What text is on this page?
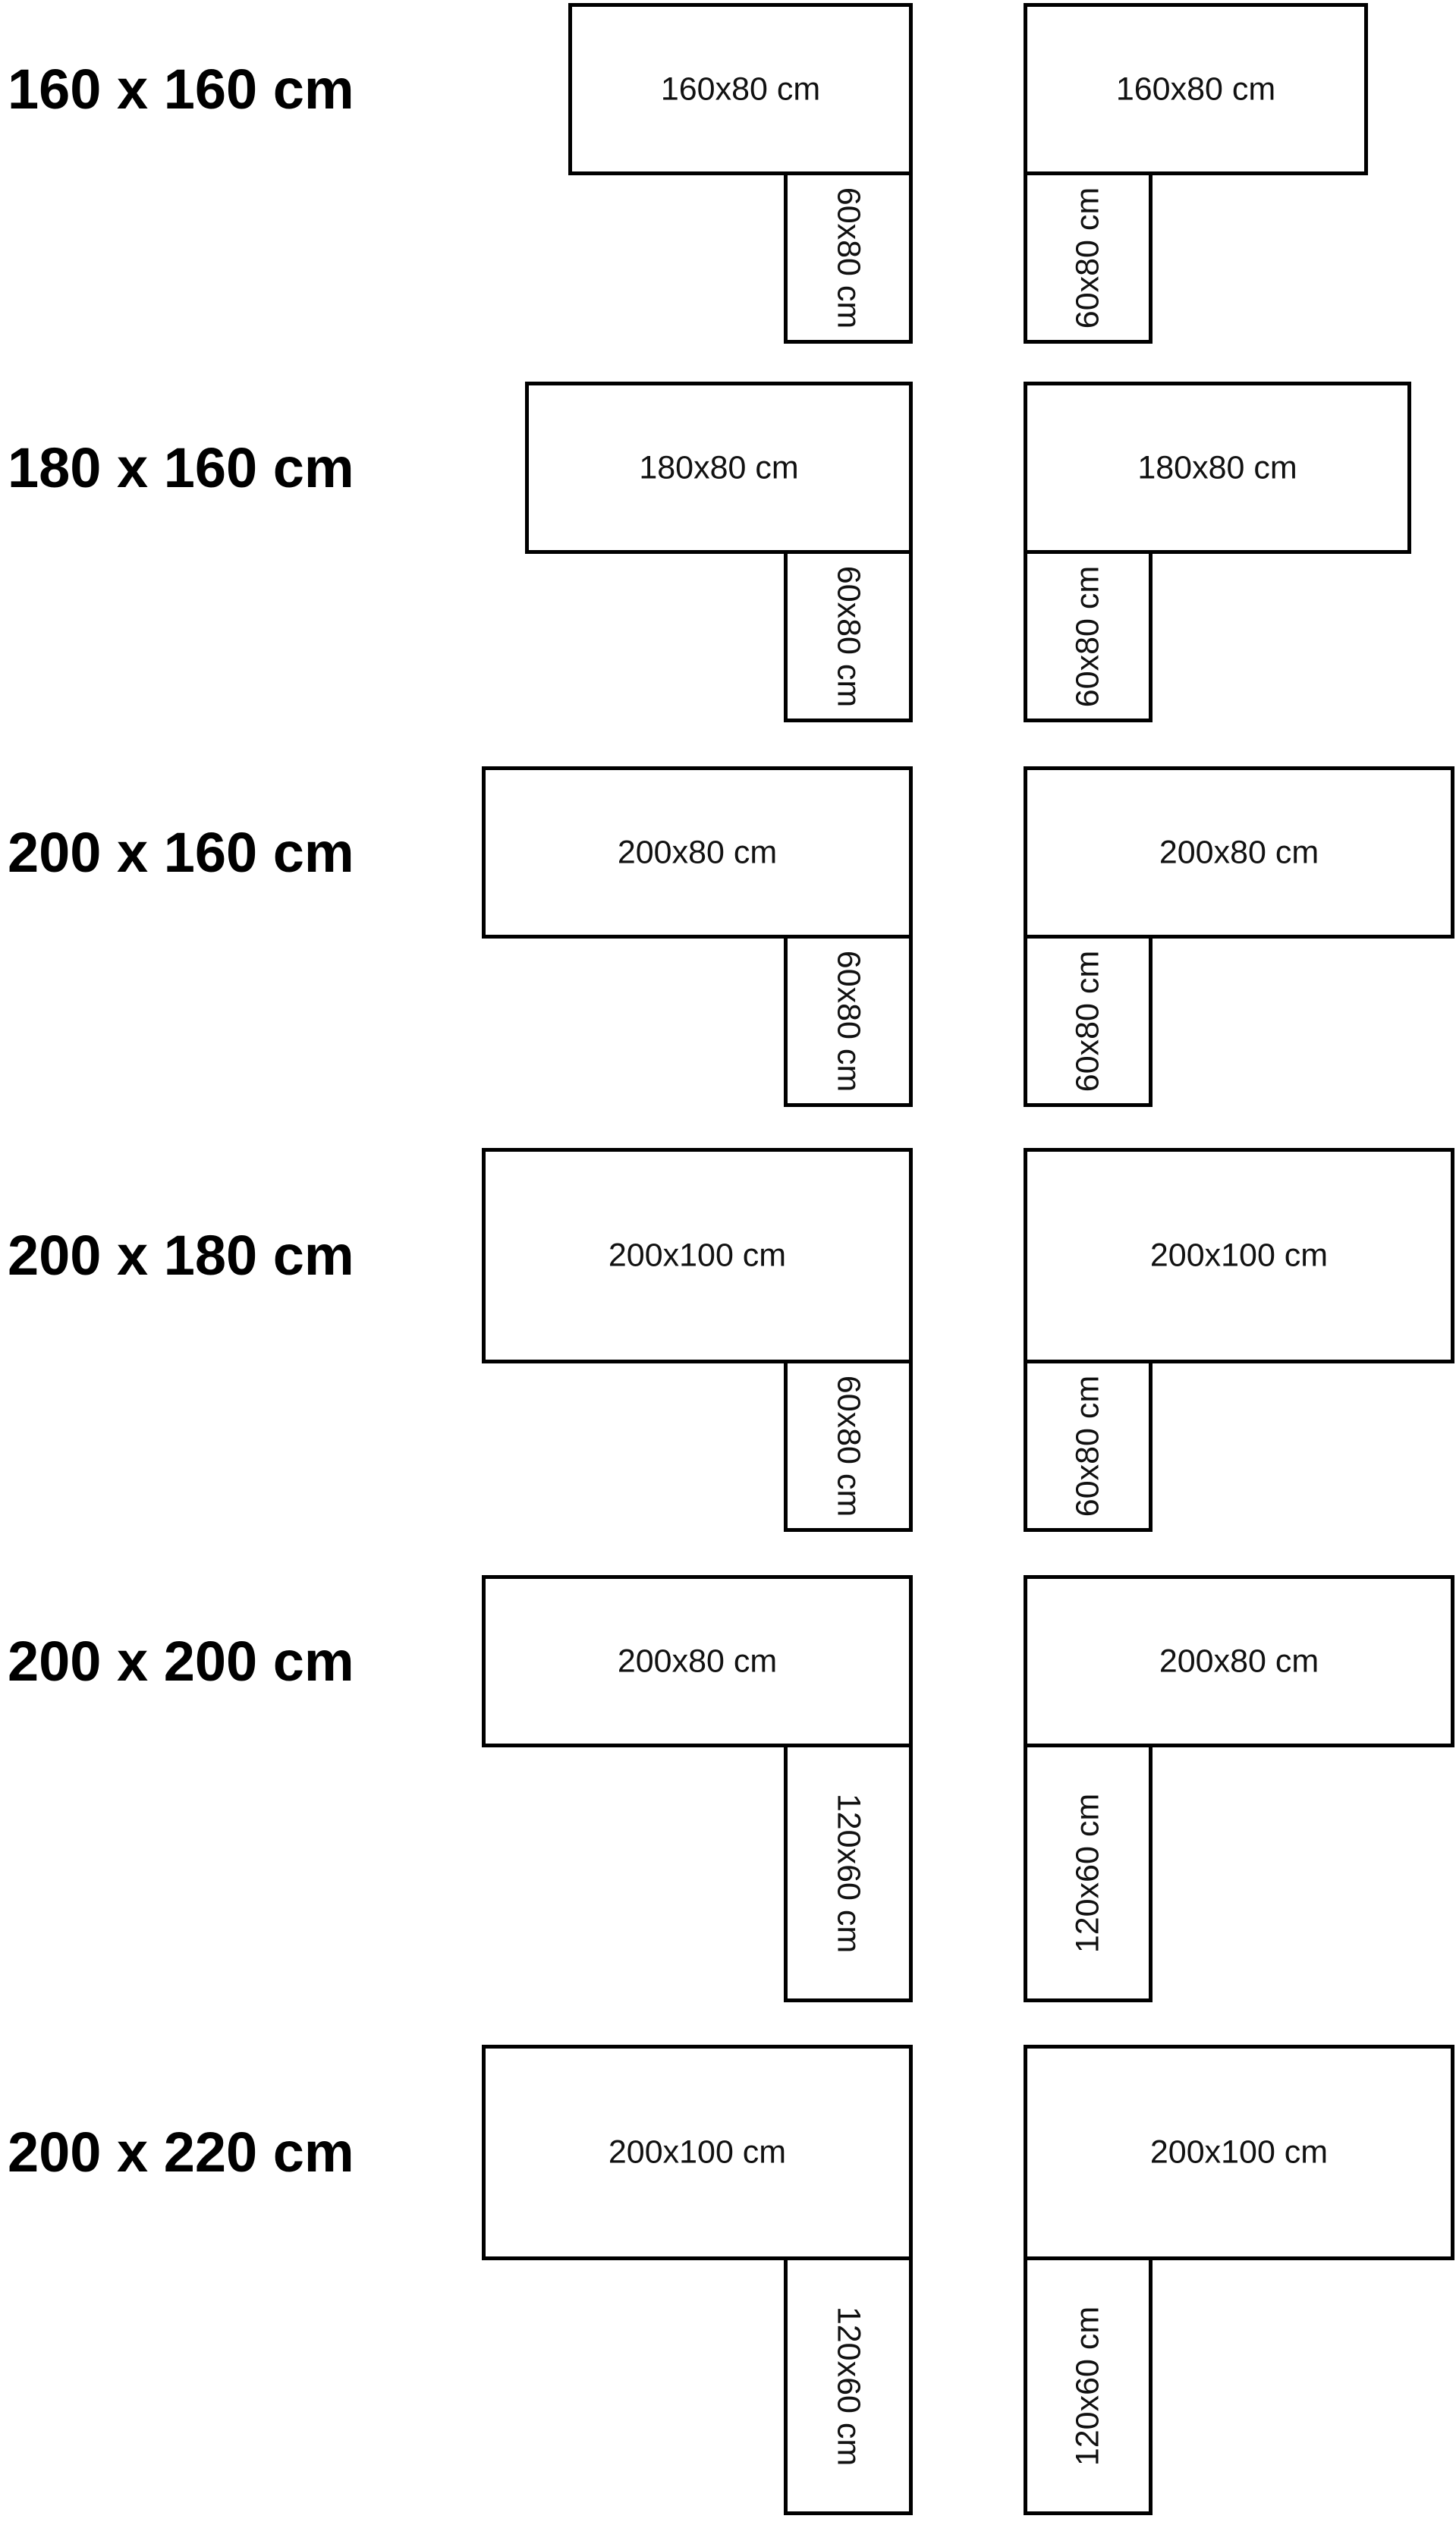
160 x 160 cm	160x80 cm
60x80 cm
160x80 cm
60x80 cm
180 x 160 cm	180x80 cm
60x80 cm
180x80 cm
60x80 cm
200 x 160 cm	200x80 cm
60x80 cm
200x80 cm
60x80 cm
200 x 180 cm	200x100 cm
60x80 cm
200x100 cm
60x80 cm
200 x 200 cm	200x80 cm
120x60 cm
200x80 cm
120x60 cm
200 x 220 cm	200x100 cm
120x60 cm
200x100 cm
120x60 cm
